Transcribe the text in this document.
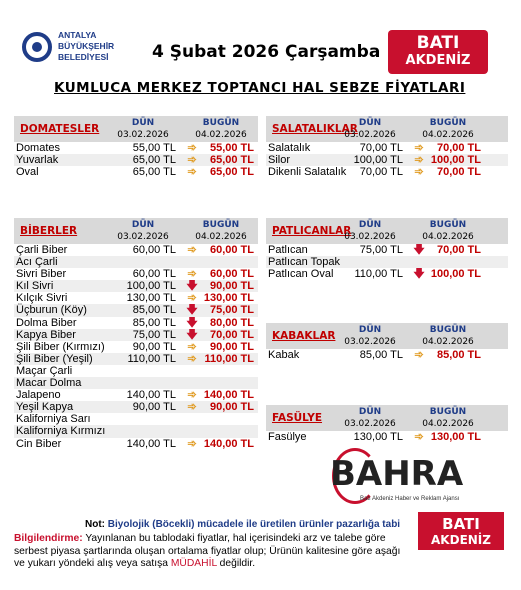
ANTALYA
BÜYÜKŞEHİR
BELEDİYESİ	4 Şubat 2026 Çarşamba	BATI
AKDENİZ
KUMLUCA MERKEZ TOPTANCI HAL SEBZE FİYATLARI
DOMATESLER	DÜN	BUGÜN
03.02.2026	04.02.2026
Domates	55,00 TL ➾	55,00 TL
Yuvarlak	65,00 TL ➾	65,00 TL
Oval	65,00 TL ➾	65,00 TL
BİBERLER	DÜN	BUGÜN
03.02.2026	04.02.2026
Çarli Biber	60,00 TL ➾	60,00 TL
Acı Çarli
Sivri Biber	60,00 TL ➾	60,00 TL
Kıl Sivri	100,00 TL 🡇	90,00 TL
Kılçık Sivri	130,00 TL ➾ 130,00 TL
Üçburun (Köy)	85,00 TL 🡇	75,00 TL
Dolma Biber	85,00 TL 🡇	80,00 TL
Kapya Biber	75,00 TL 🡇	70,00 TL
Şili Biber (Kırmızı)	90,00 TL ➾	90,00 TL
Şili Biber (Yeşil)	110,00 TL ➾ 110,00 TL
Maçar Çarli
Macar Dolma
Jalapeno	140,00 TL ➾ 140,00 TL
Yeşil Kapya	90,00 TL ➾	90,00 TL
Kaliforniya Sarı
Kaliforniya Kırmızı
Cin Biber	140,00 TL ➾ 140,00 TL
SALATALIKLAR DÜN	BUGÜN
03.02.2026	04.02.2026
Salatalık	70,00 TL ➾	70,00 TL
Silor	100,00 TL ➾ 100,00 TL
Dikenli Salatalık	70,00 TL ➾	70,00 TL
PATLICANLAR DÜN	BUGÜN
03.02.2026	04.02.2026
Patlıcan	75,00 TL 🡇	70,00 TL
Patlıcan Topak
Patlıcan Oval	110,00 TL 🡇 100,00 TL
KABAKLAR	DÜN	BUGÜN
03.02.2026	04.02.2026
Kabak	85,00 TL ➾	85,00 TL
FASÜLYE	DÜN	BUGÜN
03.02.2026	04.02.2026
Fasülye	130,00 TL ➾ 130,00 TL
BAHRA
Batı Akdeniz Haber ve Reklam Ajansı
Not: Biyolojik (Böcekli) mücadele ile üretilen ürünler pazarlığa tabi	BATI
AKDENİZ
Bilgilendirme: Yayınlanan bu tablodaki fiyatlar, hal içerisindeki arz ve talebe göre serbest piyasa şartlarında oluşan ortalama fiyatlar olup; Ürünün kalitesine göre aşağı ve yukarı yöndeki alış veya satışa MÜDAHİL değildir.
